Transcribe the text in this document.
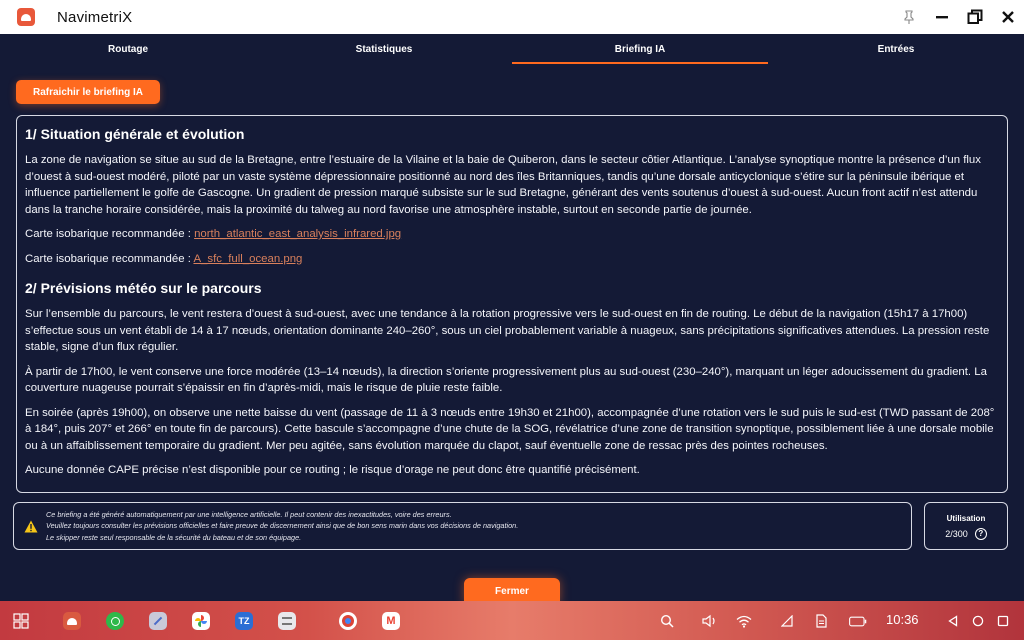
NavimetriX
Routage	Statistiques	Briefing IA	Entrées
Rafraichir le briefing IA
1/ Situation générale et évolution

La zone de navigation se situe au sud de la Bretagne, entre l’estuaire de la Vilaine et la baie de Quiberon, dans le secteur côtier Atlantique. L’analyse synoptique montre la présence d’un flux d’ouest à sud-ouest modéré, piloté par un vaste système dépressionnaire positionné au nord des îles Britanniques, tandis qu’une dorsale anticyclonique s’étire sur la péninsule ibérique et influence partiellement le golfe de Gascogne. Un gradient de pression marqué subsiste sur le sud Bretagne, générant des vents soutenus d’ouest à sud-ouest. Aucun front actif n’est attendu dans la tranche horaire considérée, mais la proximité du talweg au nord favorise une atmosphère instable, surtout en seconde partie de journée.

Carte isobarique recommandée : north_atlantic_east_analysis_infrared.jpg

Carte isobarique recommandée : A_sfc_full_ocean.png

2/ Prévisions météo sur le parcours

Sur l’ensemble du parcours, le vent restera d’ouest à sud-ouest, avec une tendance à la rotation progressive vers le sud-ouest en fin de routing. Le début de la navigation (15h17 à 17h00) s’effectue sous un vent établi de 14 à 17 nœuds, orientation dominante 240–260°, sous un ciel probablement variable à nuageux, sans précipitations significatives attendues. La pression reste stable, signe d’un flux régulier.

À partir de 17h00, le vent conserve une force modérée (13–14 nœuds), la direction s’oriente progressivement plus au sud-ouest (230–240°), marquant un léger adoucissement du gradient. La couverture nuageuse pourrait s’épaissir en fin d’après-midi, mais le risque de pluie reste faible.

En soirée (après 19h00), on observe une nette baisse du vent (passage de 11 à 3 nœuds entre 19h30 et 21h00), accompagnée d’une rotation vers le sud puis le sud-est (TWD passant de 208° à 184°, puis 207° et 266° en toute fin de parcours). Cette bascule s’accompagne d’une chute de la SOG, révélatrice d’une zone de transition synoptique, possiblement liée à une dorsale mobile ou à un affaiblissement temporaire du gradient. Mer peu agitée, sans évolution marquée du clapot, sauf éventuelle zone de ressac près des pointes rocheuses.

Aucune donnée CAPE précise n’est disponible pour ce routing ; le risque d’orage ne peut donc être quantifié précisément.

Ce briefing a été généré automatiquement par une intelligence artificielle. Il peut contenir des inexactitudes, voire des erreurs.
Veuillez toujours consulter les prévisions officielles et faire preuve de discernement ainsi que de bon sens marin dans vos décisions de navigation.
Le skipper reste seul responsable de la sécurité du bateau et de son équipage.
Utilisation
2/300	?
Fermer
TZ	M	10:36
